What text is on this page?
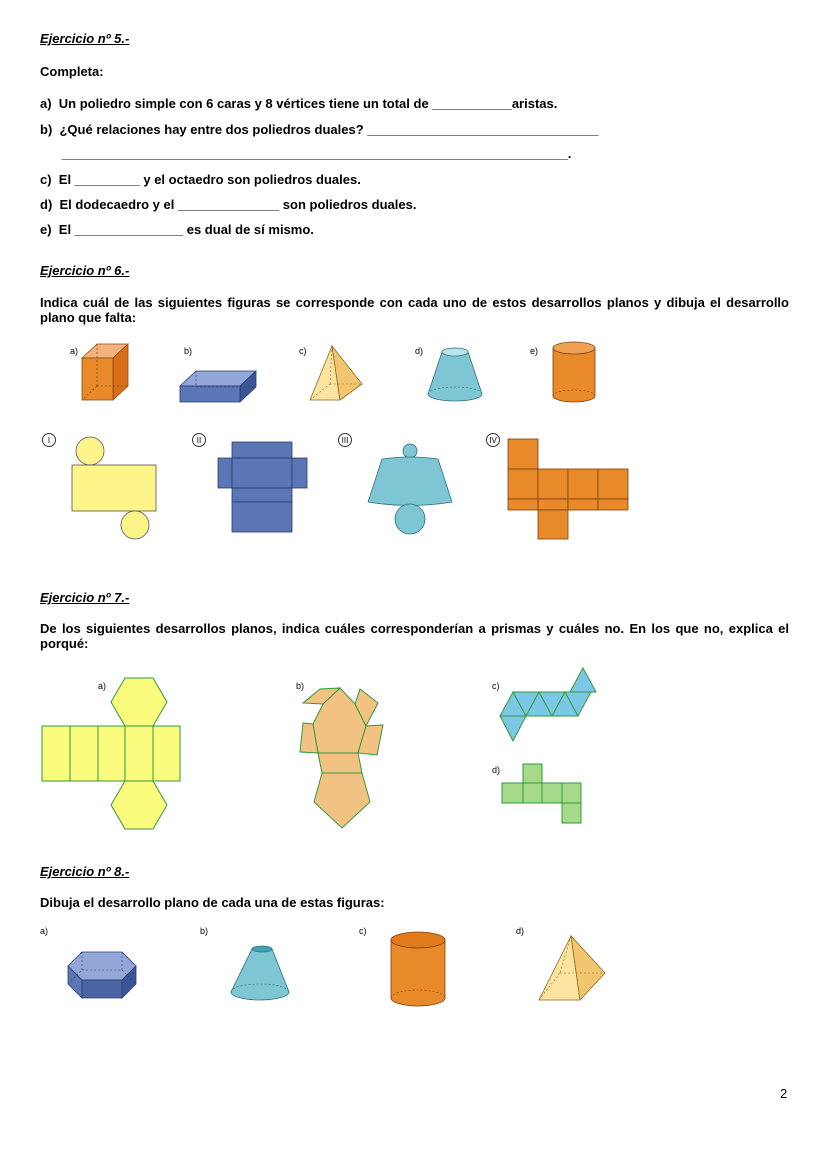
Ejercicio nº 5.-
Completa:
a)  Un poliedro simple con 6 caras y 8 vértices tiene un total de ___________aristas.
b)  ¿Qué relaciones hay entre dos poliedros duales? ________________________________
______________________________________________________________________.
c)  El _________ y el octaedro son poliedros duales.
d)  El dodecaedro y el ______________ son poliedros duales.
e)  El _______________ es dual de sí mismo.
Ejercicio nº 6.-
Indica cuál de las siguientes figuras se corresponde con cada uno de estos desarrollos planos y dibuja el desarrollo plano que falta:
a)	b)	c)	d)	e)
I	II	III	IV
Ejercicio nº 7.-
De los siguientes desarrollos planos, indica cuáles corresponderían a prismas y cuáles no. En los que no, explica el porqué:
a)	b)	c)
d)
Ejercicio nº 8.-
Dibuja el desarrollo plano de cada una de estas figuras:
a)	b)	c)	d)
2
